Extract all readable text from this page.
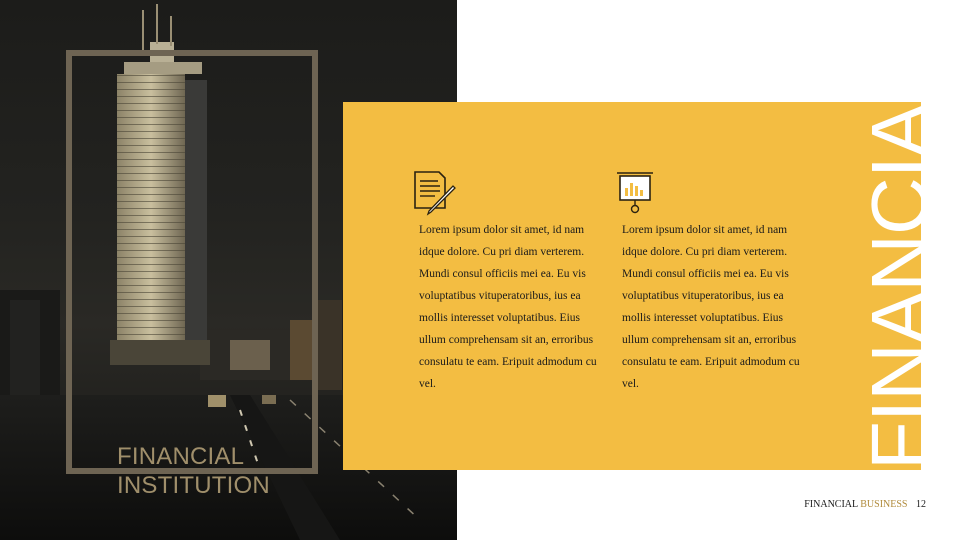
FINANCIAL
INSTITUTION

Lorem ipsum dolor sit amet, id nam idque dolore. Cu pri diam verterem. Mundi consul officiis mei ea. Eu vis voluptatibus vituperatoribus, ius ea mollis interesset voluptatibus. Eius ullum comprehensam sit an, erroribus consulatu te eam. Eripuit admodum cu vel.

Lorem ipsum dolor sit amet, id nam idque dolore. Cu pri diam verterem. Mundi consul officiis mei ea. Eu vis voluptatibus vituperatoribus, ius ea mollis interesset voluptatibus. Eius ullum comprehensam sit an, erroribus consulatu te eam. Eripuit admodum cu vel.	FINANCIAL
FINANCIAL BUSINESS 12
